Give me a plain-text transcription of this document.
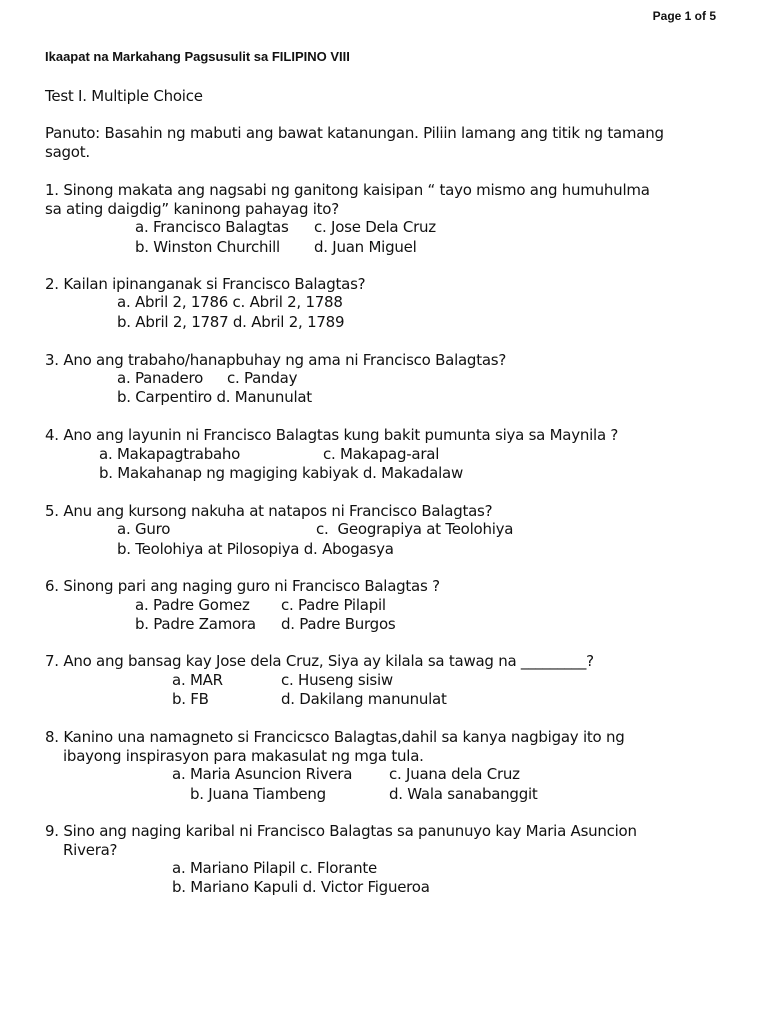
Page 1 of 5
Ikaapat na Markahang Pagsusulit sa FILIPINO VIII
Test I. Multiple Choice
Panuto: Basahin ng mabuti ang bawat katanungan. Piliin lamang ang titik ng tamang
sagot.
1. Sinong makata ang nagsabi ng ganitong kaisipan “ tayo mismo ang humuhulma
sa ating daigdig” kaninong pahayag ito?
a. Francisco Balagtas c. Jose Dela Cruz
b. Winston Churchill d. Juan Miguel
2. Kailan ipinanganak si Francisco Balagtas?
a. Abril 2, 1786 c. Abril 2, 1788
b. Abril 2, 1787 d. Abril 2, 1789
3. Ano ang trabaho/hanapbuhay ng ama ni Francisco Balagtas?
a. Panadero c. Panday
b. Carpentiro d. Manunulat
4. Ano ang layunin ni Francisco Balagtas kung bakit pumunta siya sa Maynila ?
a. Makapagtrabaho	c. Makapag-aral
b. Makahanap ng magiging kabiyak d. Makadalaw
5. Anu ang kursong nakuha at natapos ni Francisco Balagtas?
a. Guro	c.  Geograpiya at Teolohiya
b. Teolohiya at Pilosopiya d. Abogasya
6. Sinong pari ang naging guro ni Francisco Balagtas ?
a. Padre Gomez c. Padre Pilapil
b. Padre Zamora d. Padre Burgos
7. Ano ang bansag kay Jose dela Cruz, Siya ay kilala sa tawag na _________?
a. MAR	c. Huseng sisiw
b. FB	d. Dakilang manunulat
8. Kanino una namagneto si Francicsco Balagtas,dahil sa kanya nagbigay ito ng
ibayong inspirasyon para makasulat ng mga tula.
a. Maria Asuncion Rivera c. Juana dela Cruz
b. Juana Tiambeng	d. Wala sanabanggit
9. Sino ang naging karibal ni Francisco Balagtas sa panunuyo kay Maria Asuncion
Rivera?
a. Mariano Pilapil c. Florante
b. Mariano Kapuli d. Victor Figueroa
